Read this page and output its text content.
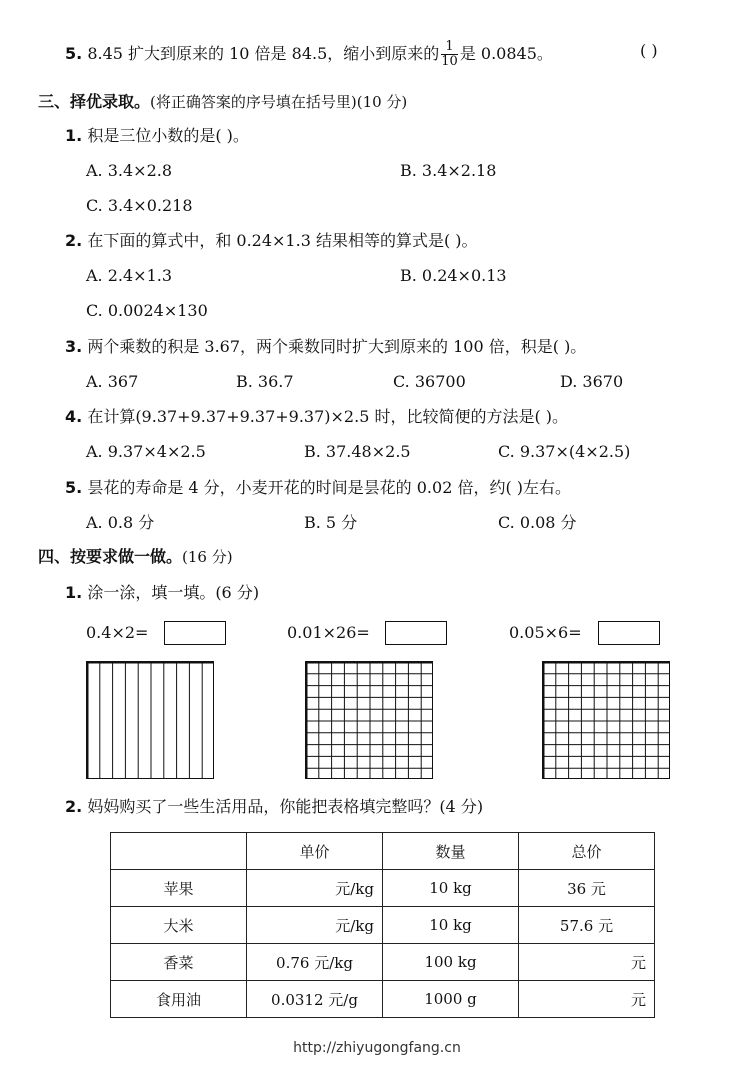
5. 8.45 扩大到原来的 10 倍是 84.5，缩小到原来的 $\frac{1}{10}$ 是 0.0845。	( )
三、择优录取。(将正确答案的序号填在括号里)(10 分)
1. 积是三位小数的是( )。
A. 3.4×2.8	B. 3.4×2.18
C. 3.4×0.218
2. 在下面的算式中，和 0.24×1.3 结果相等的算式是( )。
A. 2.4×1.3	B. 0.24×0.13
C. 0.0024×130
3. 两个乘数的积是 3.67，两个乘数同时扩大到原来的 100 倍，积是( )。
A. 367	B. 36.7	C. 36700	D. 3670
4. 在计算(9.37+9.37+9.37+9.37)×2.5 时，比较简便的方法是( )。
A. 9.37×4×2.5	B. 37.48×2.5	C. 9.37×(4×2.5)
5. 昙花的寿命是 4 分，小麦开花的时间是昙花的 0.02 倍，约( )左右。
A. 0.8 分	B. 5 分	C. 0.08 分
四、按要求做一做。(16 分)
1. 涂一涂，填一填。(6 分)
0.4×2=	0.01×26=	0.05×6=
2. 妈妈购买了一些生活用品，你能把表格填完整吗？(4 分)
	单价	数量	总价
苹果	元/kg	10 kg	36 元
大米	元/kg	10 kg	57.6 元
香菜	0.76 元/kg	100 kg	元
食用油	0.0312 元/g	1000 g	元
http://zhiyugongfang.cn
